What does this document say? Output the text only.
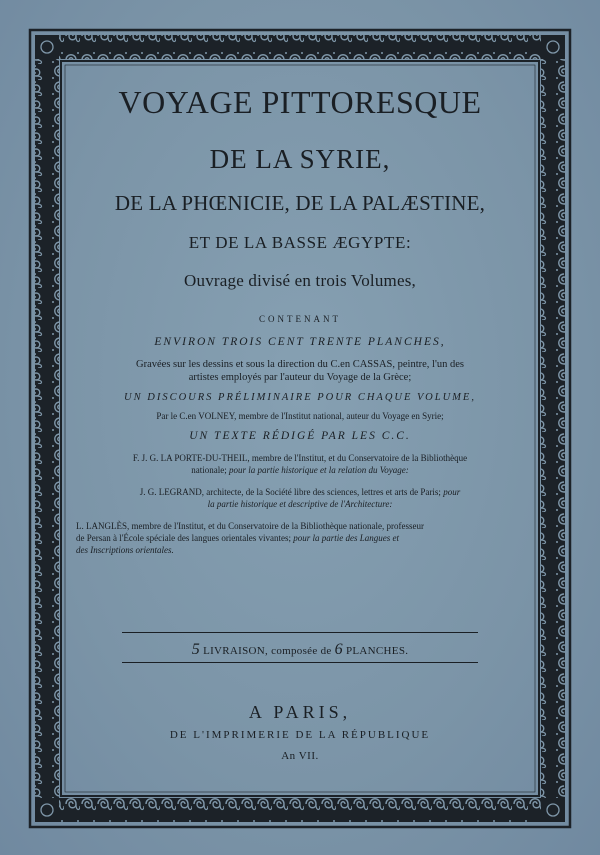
VOYAGE PITTORESQUE
DE LA SYRIE,
DE LA PHŒNICIE, DE LA PALÆSTINE,
ET DE LA BASSE ÆGYPTE:
Ouvrage divisé en trois Volumes,
CONTENANT
ENVIRON TROIS CENT TRENTE PLANCHES,
Gravées sur les dessins et sous la direction du C.en CASSAS, peintre, l'un des
artistes employés par l'auteur du Voyage de la Grèce;
UN DISCOURS PRÉLIMINAIRE POUR CHAQUE VOLUME,
Par le C.en VOLNEY, membre de l'Institut national, auteur du Voyage en Syrie;
UN TEXTE RÉDIGÉ PAR LES C.C.
F. J. G. LA PORTE-DU-THEIL, membre de l'Institut, et du Conservatoire de la Bibliothèque
nationale; pour la partie historique et la relation du Voyage:
J. G. LEGRAND, architecte, de la Société libre des sciences, lettres et arts de Paris; pour
la partie historique et descriptive de l'Architecture:
L. LANGLÈS, membre de l'Institut, et du Conservatoire de la Bibliothèque nationale, professeur
de Persan à l'École spéciale des langues orientales vivantes; pour la partie des Langues et
des Inscriptions orientales.
5 LIVRAISON, composée de 6 PLANCHES.
A PARIS,
DE L'IMPRIMERIE DE LA RÉPUBLIQUE
An VII.
